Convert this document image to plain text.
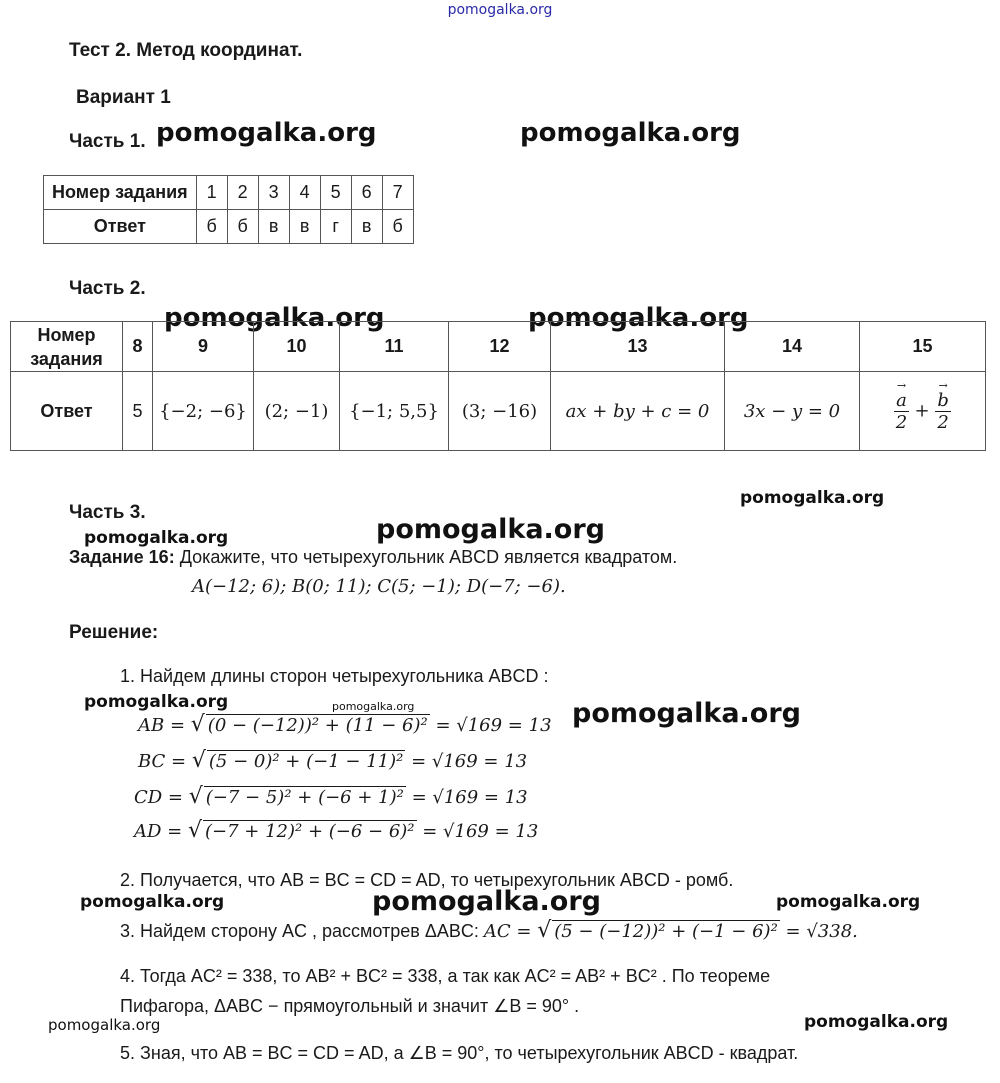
pomogalka.org
pomogalka.org	pomogalka.org
pomogalka.org	pomogalka.org
pomogalka.org
pomogalka.org
pomogalka.org
pomogalka.org	pomogalka.org	pomogalka.org
pomogalka.org	pomogalka.org	pomogalka.org
pomogalka.org	pomogalka.org
Тест 2. Метод координат.
Вариант 1
Часть 1.
Номер задания	1	2	3	4	5	6	7
Ответ	б	б	в	в	г	в	б
Часть 2.
Номер задания	8	9	10	11	12	13	14	15
Ответ	5	{−2; −6}	(2; −1)	{−1; 5,5}	(3; −16)	ax + by + c = 0	3x − y = 0	→ $\frac{a}{2}$ + → $\frac{b}{2}$
Часть 3.
Задание 16: Докажите, что четырехугольник ABCD является квадратом.
A(−12; 6); B(0; 11); C(5; −1); D(−7; −6).
Решение:
1. Найдем длины сторон четырехугольника ABCD :
AB = √ (0 − (−12))² + (11 − 6)² = √169 = 13
BC = √ (5 − 0)² + (−1 − 11)² = √169 = 13
CD = √ (−7 − 5)² + (−6 + 1)² = √169 = 13
AD = √ (−7 + 12)² + (−6 − 6)² = √169 = 13
2. Получается, что AB = BC = CD = AD, то четырехугольник ABCD - ромб.
3. Найдем сторону AC , рассмотрев ΔABC: AC = √ (5 − (−12))² + (−1 − 6)² = √338.
4. Тогда AC² = 338, то AB² + BC² = 338, а так как AC² = AB² + BC² . По теореме
Пифагора, ΔABC − прямоугольный и значит ∠B = 90° .
5. Зная, что AB = BC = CD = AD, а ∠B = 90°, то четырехугольник ABCD - квадрат.
